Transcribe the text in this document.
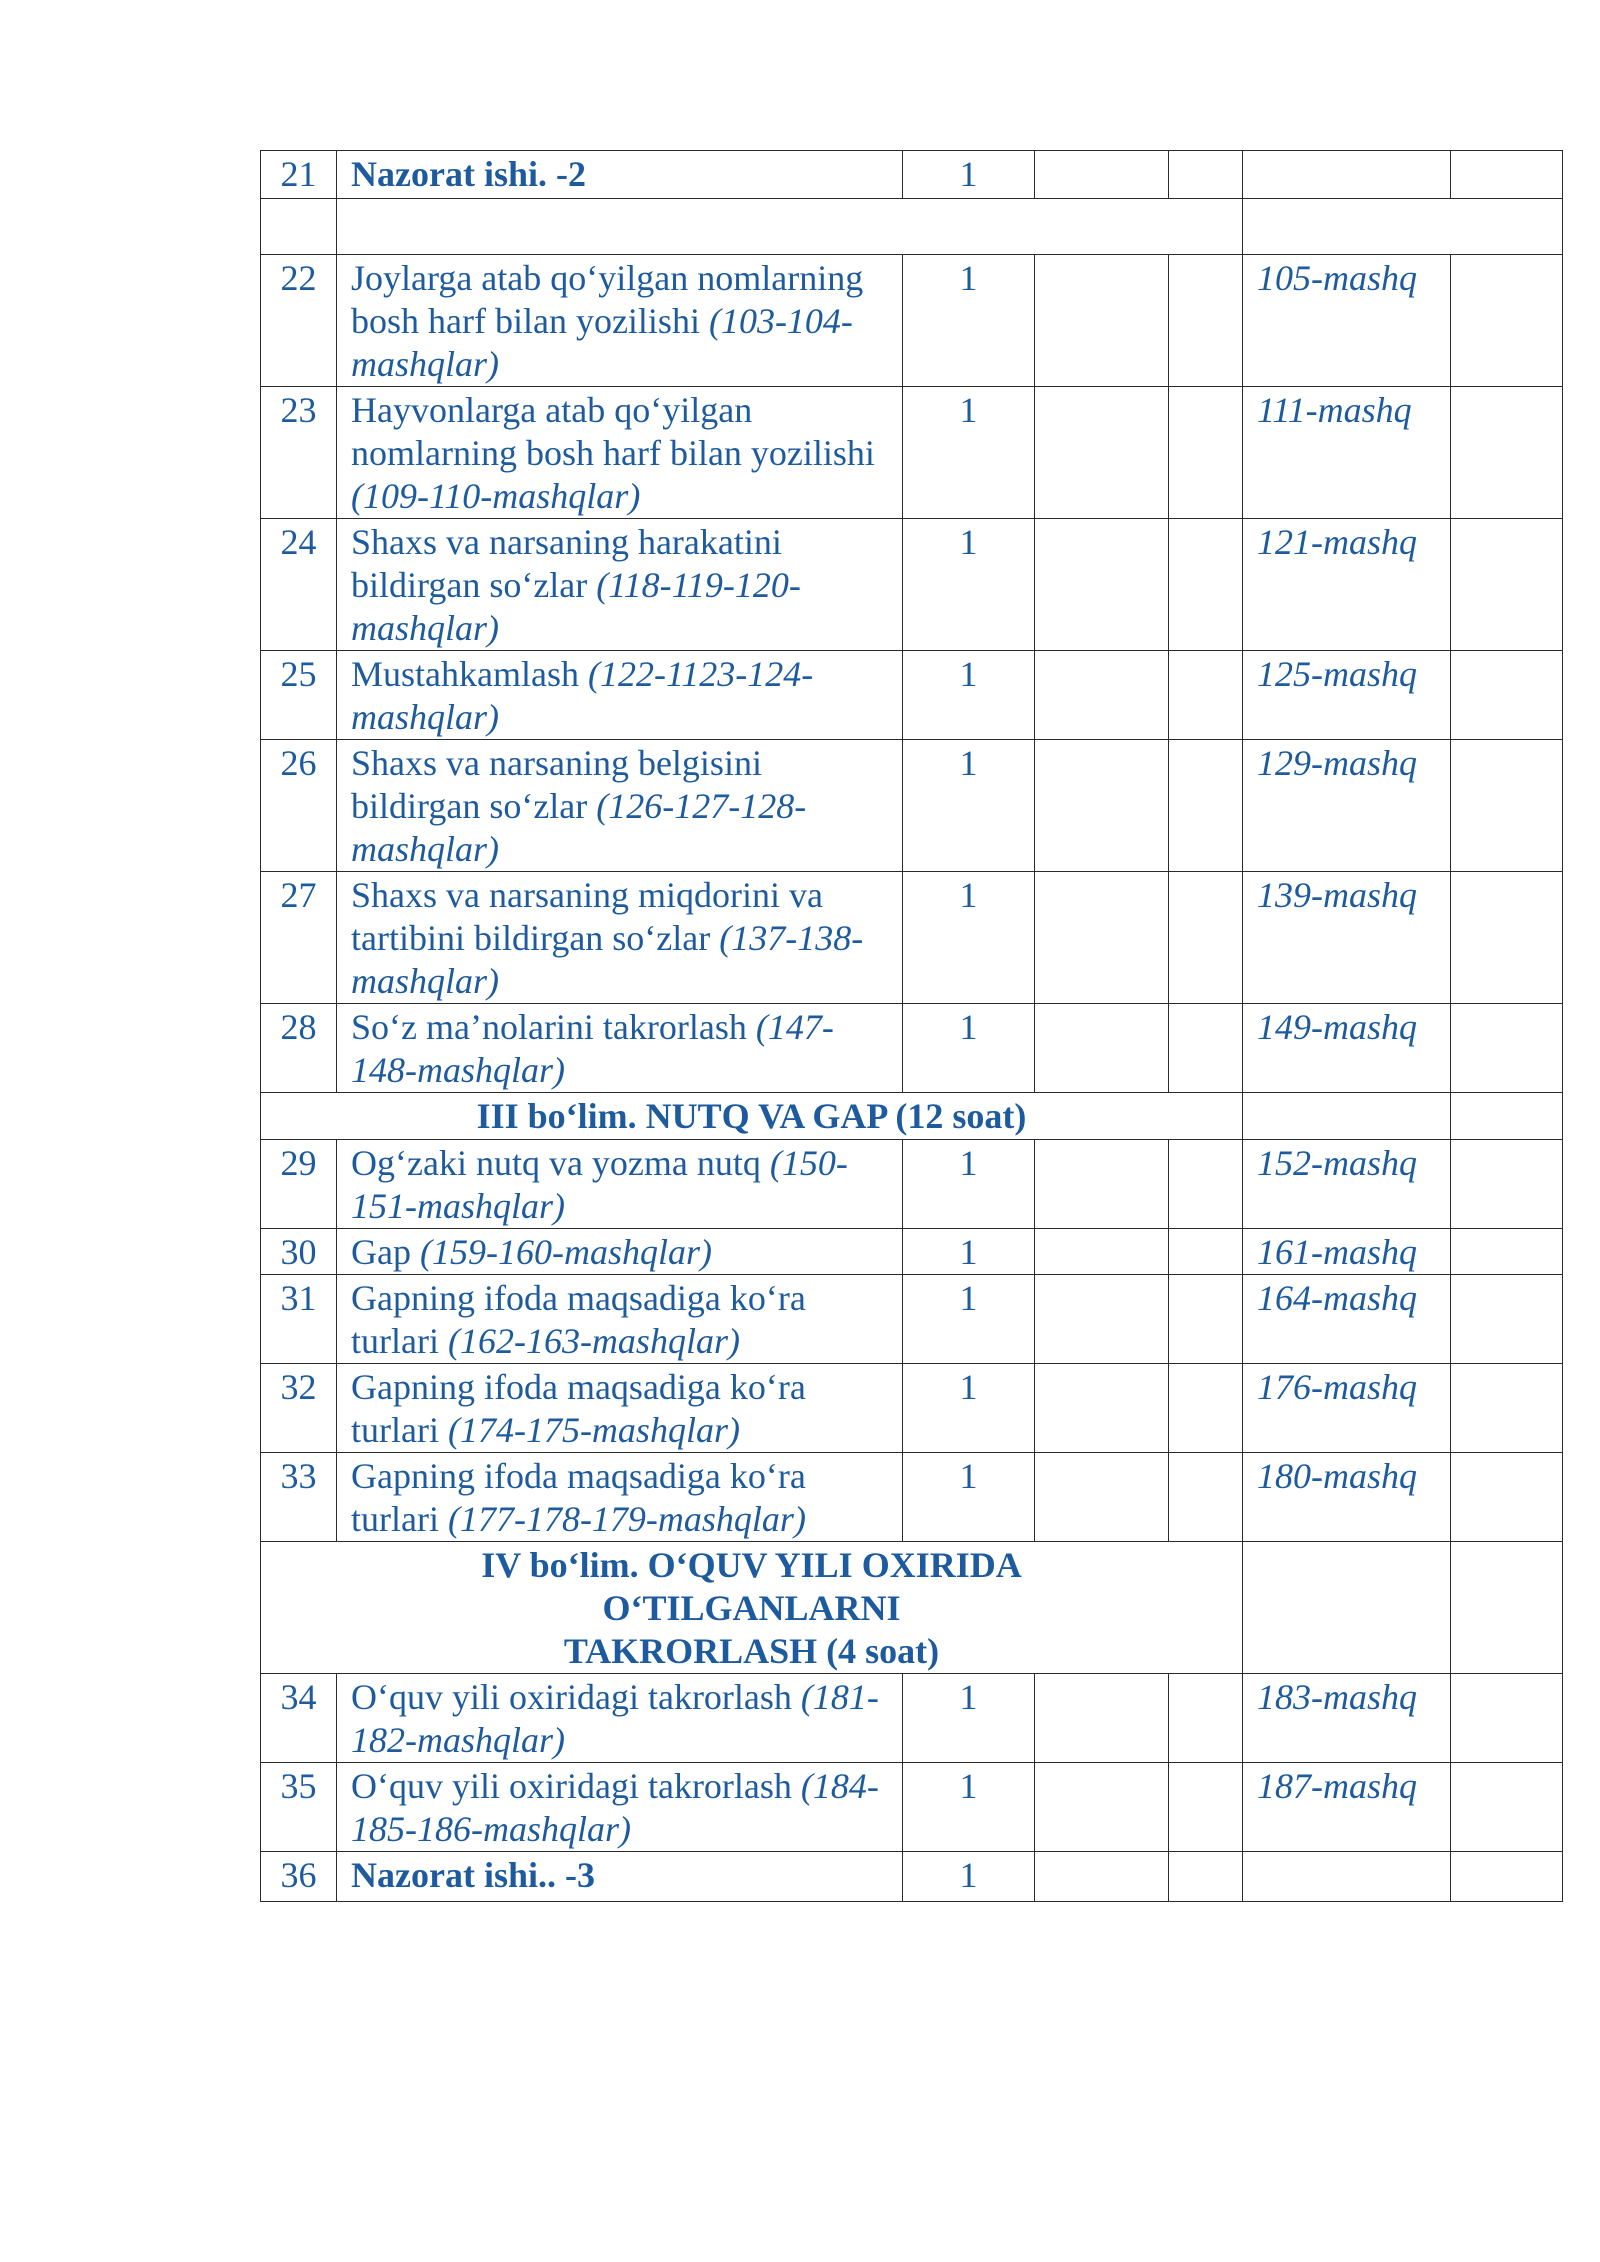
21	Nazorat ishi. -2	1				

22	Joylarga atab qo‘yilgan nomlarning bosh harf bilan yozilishi (103-104-mashqlar)	1			105-mashq	
23	Hayvonlarga atab qo‘yilgan nomlarning bosh harf bilan yozilishi (109-110-mashqlar)	1			111-mashq	
24	Shaxs va narsaning harakatini bildirgan so‘zlar (118-119-120-mashqlar)	1			121-mashq	
25	Mustahkamlash (122-1123-124-mashqlar)	1			125-mashq	
26	Shaxs va narsaning belgisini bildirgan so‘zlar (126-127-128-mashqlar)	1			129-mashq	
27	Shaxs va narsaning miqdorini va tartibini bildirgan so‘zlar (137-138-mashqlar)	1			139-mashq	
28	So‘z ma’nolarini takrorlash (147-148-mashqlar)	1			149-mashq	

III bo‘lim. NUTQ VA GAP (12 soat)						

29	Og‘zaki nutq va yozma nutq (150-151-mashqlar)	1			152-mashq	
30	Gap (159-160-mashqlar)	1			161-mashq	
31	Gapning ifoda maqsadiga ko‘ra turlari (162-163-mashqlar)	1			164-mashq	
32	Gapning ifoda maqsadiga ko‘ra turlari (174-175-mashqlar)	1			176-mashq	
33	Gapning ifoda maqsadiga ko‘ra turlari (177-178-179-mashqlar)	1			180-mashq	

IV bo‘lim. O‘QUV YILI OXIRIDA
O‘TILGANLARNI
TAKRORLASH (4 soat)						

34	O‘quv yili oxiridagi takrorlash (181-182-mashqlar)	1			183-mashq	
35	O‘quv yili oxiridagi takrorlash (184-185-186-mashqlar)	1			187-mashq	
36	Nazorat ishi.. -3	1				
